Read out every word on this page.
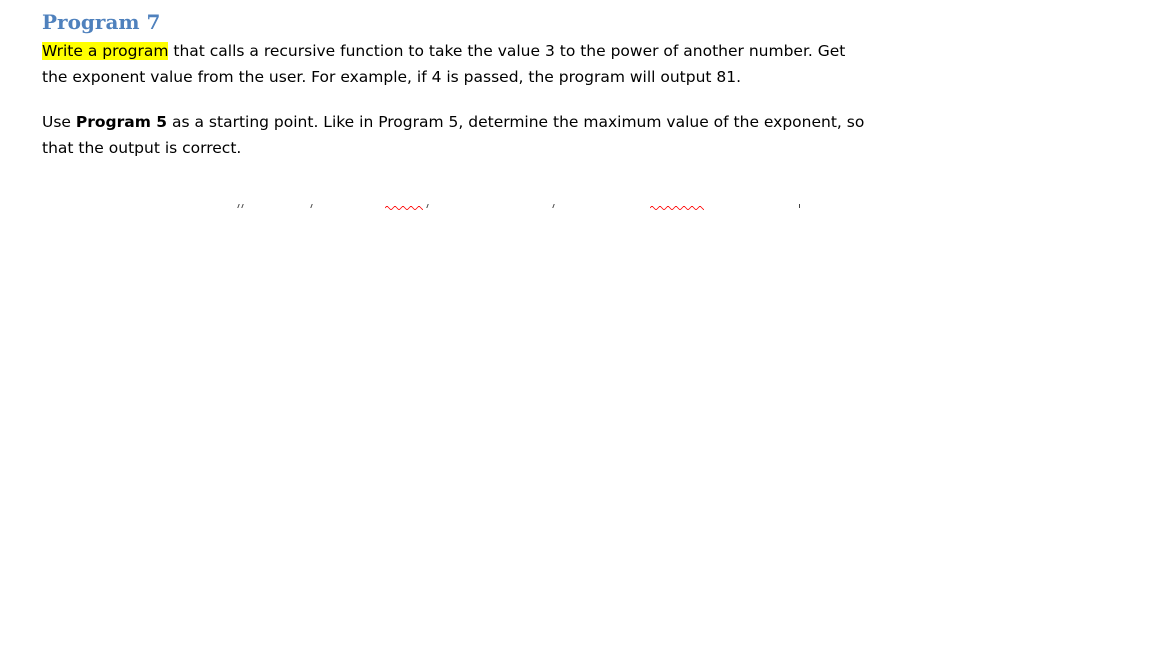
Program 7

Write a program that calls a recursive function to take the value 3 to the power of another number. Get the exponent value from the user. For example, if 4 is passed, the program will output 81.

Use Program 5 as a starting point. Like in Program 5, determine the maximum value of the exponent, so that the output is correct.
